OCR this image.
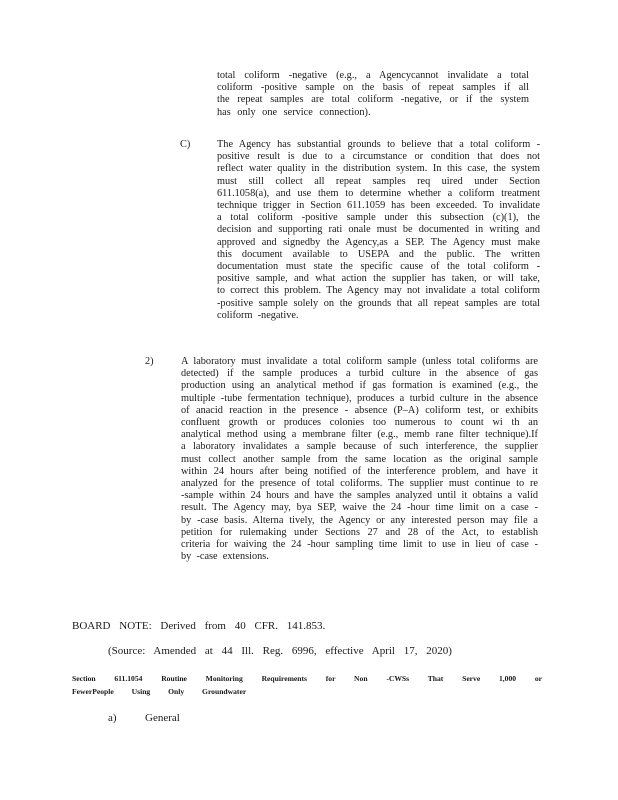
total coliform -negative (e.g., a Agencycannot invalidate a total coliform -positive sample on the basis of repeat samples if all the repeat samples are total coliform -negative, or if the system has only one service connection).
C)	The Agency has substantial grounds to believe that a total coliform -positive result is due to a circumstance or condition that does not reflect water quality in the distribution system. In this case, the system must still collect all repeat samples req uired under Section 611.1058(a), and use them to determine whether a coliform treatment technique trigger in Section 611.1059 has been exceeded. To invalidate a total coliform -positive sample under this subsection (c)(1), the decision and supporting rati onale must be documented in writing and approved and signedby the Agency,as a SEP. The Agency must make this document available to USEPA and the public. The written documentation must state the specific cause of the total coliform -positive sample, and what action the supplier has taken, or will take, to correct this problem. The Agency may not invalidate a total coliform -positive sample solely on the grounds that all repeat samples are total coliform -negative.
2)	A laboratory must invalidate a total coliform sample (unless total coliforms are detected) if the sample produces a turbid culture in the absence of gas production using an analytical method if gas formation is examined (e.g., the multiple -tube fermentation technique), produces a turbid culture in the absence of anacid reaction in the presence - absence (P–A) coliform test, or exhibits confluent growth or produces colonies too numerous to count wi th an analytical method using a membrane filter (e.g., memb rane filter technique).If a laboratory invalidates a sample because of such interference, the supplier must collect another sample from the same location as the original sample within 24 hours after being notified of the interference problem, and have it analyzed for the presence of total coliforms. The supplier must continue to re -sample within 24 hours and have the samples analyzed until it obtains a valid result. The Agency may, bya SEP, waive the 24 -hour time limit on a case -by -case basis. Alterna tively, the Agency or any interested person may file a petition for rulemaking under Sections 27 and 28 of the Act, to establish criteria for waiving the 24 -hour sampling time limit to use in lieu of case - by -case extensions.
BOARD NOTE: Derived from 40 CFR. 141.853.
(Source: Amended at 44 Ill. Reg. 6996, effective April 17, 2020)
Section 611.1054 Routine Monitoring Requirements for Non -CWSs That Serve 1,000 or
FewerPeople Using Only Groundwater
a)	General
